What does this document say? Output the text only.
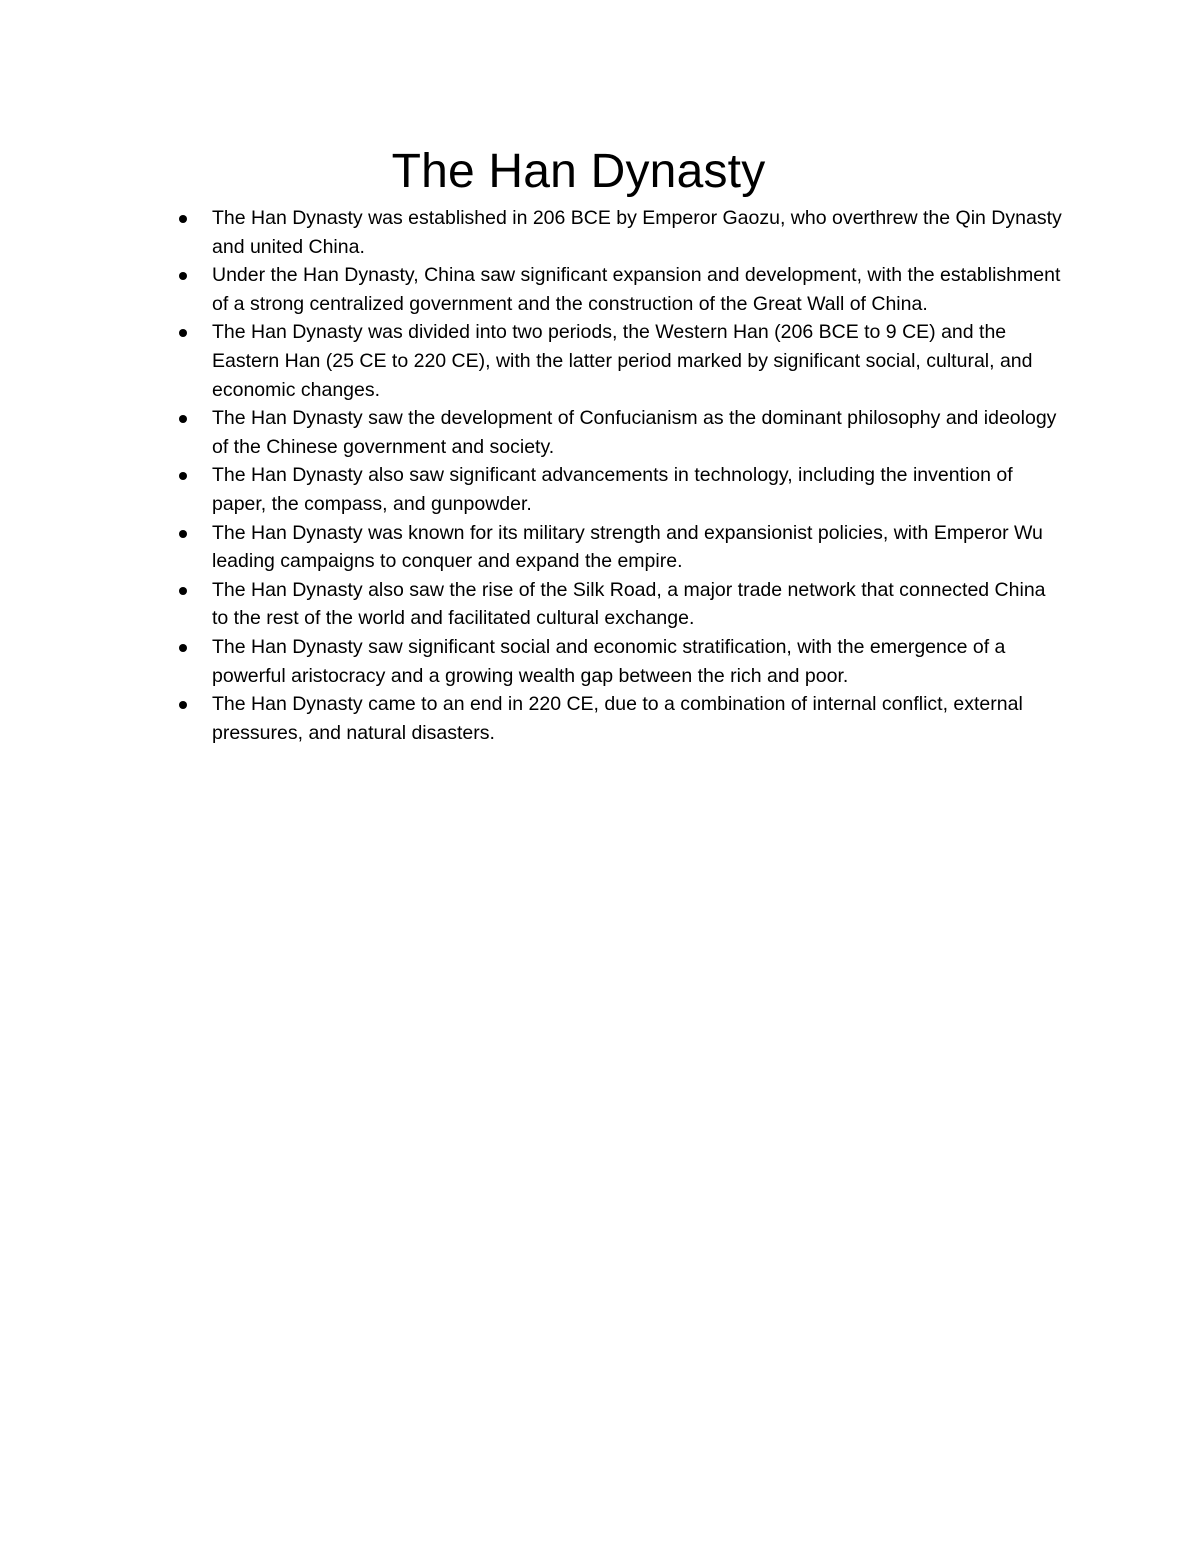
The Han Dynasty
The Han Dynasty was established in 206 BCE by Emperor Gaozu, who overthrew the Qin Dynasty and united China.
Under the Han Dynasty, China saw significant expansion and development, with the establishment of a strong centralized government and the construction of the Great Wall of China.
The Han Dynasty was divided into two periods, the Western Han (206 BCE to 9 CE) and the Eastern Han (25 CE to 220 CE), with the latter period marked by significant social, cultural, and economic changes.
The Han Dynasty saw the development of Confucianism as the dominant philosophy and ideology of the Chinese government and society.
The Han Dynasty also saw significant advancements in technology, including the invention of paper, the compass, and gunpowder.
The Han Dynasty was known for its military strength and expansionist policies, with Emperor Wu leading campaigns to conquer and expand the empire.
The Han Dynasty also saw the rise of the Silk Road, a major trade network that connected China to the rest of the world and facilitated cultural exchange.
The Han Dynasty saw significant social and economic stratification, with the emergence of a powerful aristocracy and a growing wealth gap between the rich and poor.
The Han Dynasty came to an end in 220 CE, due to a combination of internal conflict, external pressures, and natural disasters.
